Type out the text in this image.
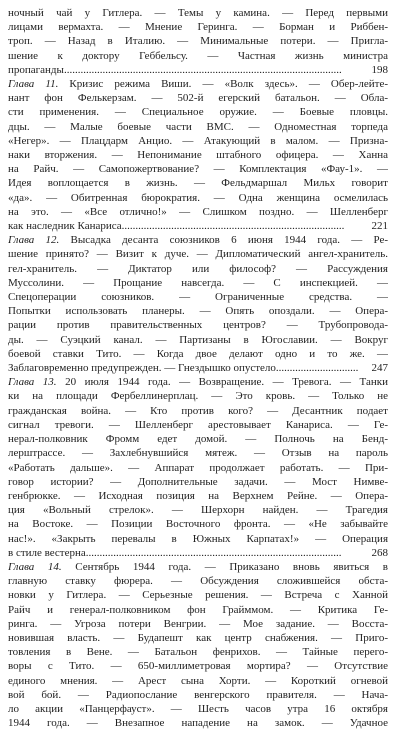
ночный чай у Гитлера. — Темы у камина. — Перед первыми
лицами вермахта. — Мнение Геринга. — Борман и Риббен-
троп. — Назад в Италию. — Минимальные потери. — Пригла-
шение к доктору Геббельсу. — Частная жизнь министра
пропаганды.....................................................................................................	198
Глава 11. Кризис режима Виши. — «Волк здесь». — Обер-лейте-
нант фон Фелькерзам. — 502-й егерский батальон. — Обла-
сти применения. — Специальное оружие. — Боевые пловцы.
дцы. — Малые боевые части ВМС. — Одноместная торпеда
«Негер». — Плацдарм Анцио. — Атакующий в малом. — Призна-
наки вторжения. — Непонимание штабного офицера. — Ханна
на Райч. — Самопожертвование? — Комплектация «Фау-1». —
Идея воплощается в жизнь. — Фельдмаршал Мильх говорит
«да». — Обитренная бюрократия. — Одна женщина осмелилась
на это. — «Все отлично!» — Слишком поздно. — Шелленберг
как наследник Канариса................................................................................. 221
Глава 12. Высадка десанта союзников 6 июня 1944 года. — Ре-
шение принято? — Визит к дуче. — Дипломатический ангел-хранитель.
гел-хранитель. — Диктатор или философ? — Рассуждения
Муссолини. — Прощание навсегда. — С инспекцией. —
Спецоперации союзников. — Ограниченные средства. —
Попытки использовать планеры. — Опять опоздали. — Опера-
рации против правительственных центров? — Трубопровода-
ды. — Суэцкий канал. — Партизаны в Югославии. — Вокруг
боевой ставки Тито. — Когда двое делают одно и то же. —
Заблаговременно предупрежден. — Гнездышко опустело.............................. 247
Глава 13. 20 июля 1944 года. — Возвращение. — Тревога. — Танки
ки на площади Фербеллинерплац. — Это кровь. — Только не
гражданская война. — Кто против кого? — Десантник подает
сигнал тревоги. — Шелленберг арестовывает Канариса. — Ге-
нерал-полковник Фромм едет домой. — Полночь на Бенд-
лерштрассе. — Захлебнувшийся мятеж. — Отзыв на пароль
«Работать дальше». — Аппарат продолжает работать. — При-
говор истории? — Дополнительные задачи. — Мост Нимве-
генбрюкке. — Исходная позиция на Верхнем Рейне. — Опера-
ция «Вольный стрелок». — Шерхорн найден. — Трагедия
на Востоке. — Позиции Восточного фронта. — «Не забывайте
нас!». «Закрыть перевалы в Южных Карпатах!» — Операция
в стиле вестерна.............................................................................................	268
Глава 14. Сентябрь 1944 года. — Приказано вновь явиться в
главную ставку фюрера. — Обсуждения сложившейся обста-
новки у Гитлера. — Серьезные решения. — Встреча с Ханной
Райч и генерал-полковником фон Грайммом. — Критика Ге-
ринга. — Угроза потери Венгрии. — Мое задание. — Восста-
новившая власть. — Будапешт как центр снабжения. — Приго-
товления в Вене. — Батальон фенрихов. — Тайные перего-
воры с Тито. — 650-миллиметровая мортира? — Отсутствие
единого мнения. — Арест сына Хорти. — Короткий огневой
вой бой. — Радиопослание венгерского правителя. — Нача-
ло акции «Панцерфауст». — Шесть часов утра 16 октября
1944 года. — Внезапное нападение на замок. — Удачное
